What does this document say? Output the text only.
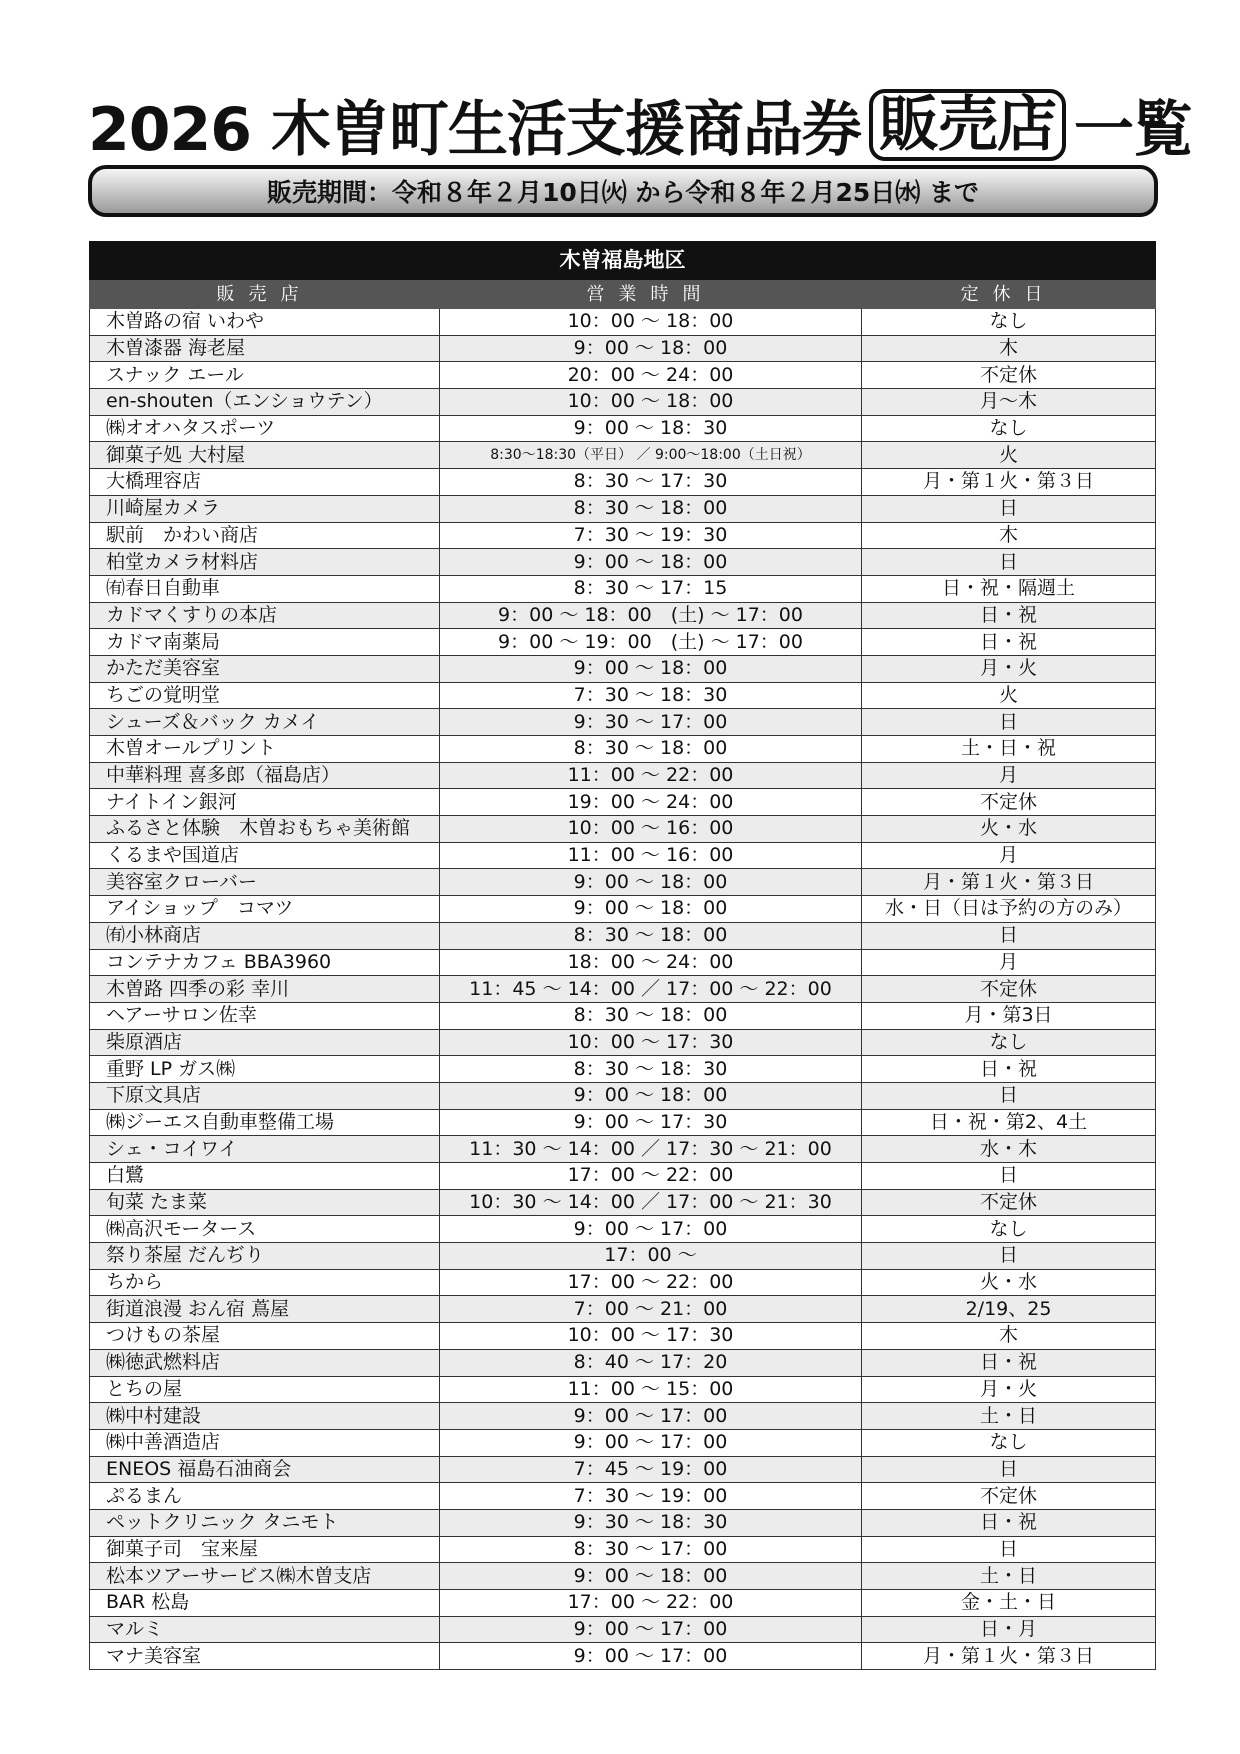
2026 木曽町生活支援商品券 販売店 一覧
販売期間：令和８年２月10日㈫ から令和８年２月25日㈬ まで
木曽福島地区		
販売店	営業時間	定休日
木曽路の宿 いわや	10：00 ～ 18：00	なし
木曽漆器 海老屋	9：00 ～ 18：00	木
スナック エール	20：00 ～ 24：00	不定休
en-shouten（エンショウテン）	10：00 ～ 18：00	月～木
㈱オオハタスポーツ	9：00 ～ 18：30	なし
御菓子処 大村屋	8:30～18:30（平日） ／ 9:00～18:00（土日祝）	火
大橋理容店	8：30 ～ 17：30	月・第１火・第３日
川崎屋カメラ	8：30 ～ 18：00	日
駅前　かわい商店	7：30 ～ 19：30	木
柏堂カメラ材料店	9：00 ～ 18：00	日
㈲春日自動車	8：30 ～ 17：15	日・祝・隔週土
カドマくすりの本店	9：00 ～ 18：00　(土) ～ 17：00	日・祝
カドマ南薬局	9：00 ～ 19：00　(土) ～ 17：00	日・祝
かただ美容室	9：00 ～ 18：00	月・火
ちごの覚明堂	7：30 ～ 18：30	火
シューズ＆バック カメイ	9：30 ～ 17：00	日
木曽オールプリント	8：30 ～ 18：00	土・日・祝
中華料理 喜多郎（福島店）	11：00 ～ 22：00	月
ナイトイン銀河	19：00 ～ 24：00	不定休
ふるさと体験　木曽おもちゃ美術館	10：00 ～ 16：00	火・水
くるまや国道店	11：00 ～ 16：00	月
美容室クローバー	9：00 ～ 18：00	月・第１火・第３日
アイショップ　コマツ	9：00 ～ 18：00	水・日（日は予約の方のみ）
㈲小林商店	8：30 ～ 18：00	日
コンテナカフェ BBA3960	18：00 ～ 24：00	月
木曽路 四季の彩 幸川	11：45 ～ 14：00 ／ 17：00 ～ 22：00	不定休
ヘアーサロン佐幸	8：30 ～ 18：00	月・第3日
柴原酒店	10：00 ～ 17：30	なし
重野 LP ガス㈱	8：30 ～ 18：30	日・祝
下原文具店	9：00 ～ 18：00	日
㈱ジーエス自動車整備工場	9：00 ～ 17：30	日・祝・第2、4土
シェ・コイワイ	11：30 ～ 14：00 ／ 17：30 ～ 21：00	水・木
白鷺	17：00 ～ 22：00	日
旬菜 たま菜	10：30 ～ 14：00 ／ 17：00 ～ 21：30	不定休
㈱高沢モータース	9：00 ～ 17：00	なし
祭り茶屋 だんぢり	17：00 ～	日
ちから	17：00 ～ 22：00	火・水
街道浪漫 おん宿 蔦屋	7：00 ～ 21：00	2/19、25
つけもの茶屋	10：00 ～ 17：30	木
㈱徳武燃料店	8：40 ～ 17：20	日・祝
とちの屋	11：00 ～ 15：00	月・火
㈱中村建設	9：00 ～ 17：00	土・日
㈱中善酒造店	9：00 ～ 17：00	なし
ENEOS 福島石油商会	7：45 ～ 19：00	日
ぷるまん	7：30 ～ 19：00	不定休
ペットクリニック タニモト	9：30 ～ 18：30	日・祝
御菓子司　宝来屋	8：30 ～ 17：00	日
松本ツアーサービス㈱木曽支店	9：00 ～ 18：00	土・日
BAR 松島	17：00 ～ 22：00	金・土・日
マルミ	9：00 ～ 17：00	日・月
マナ美容室	9：00 ～ 17：00	月・第１火・第３日
